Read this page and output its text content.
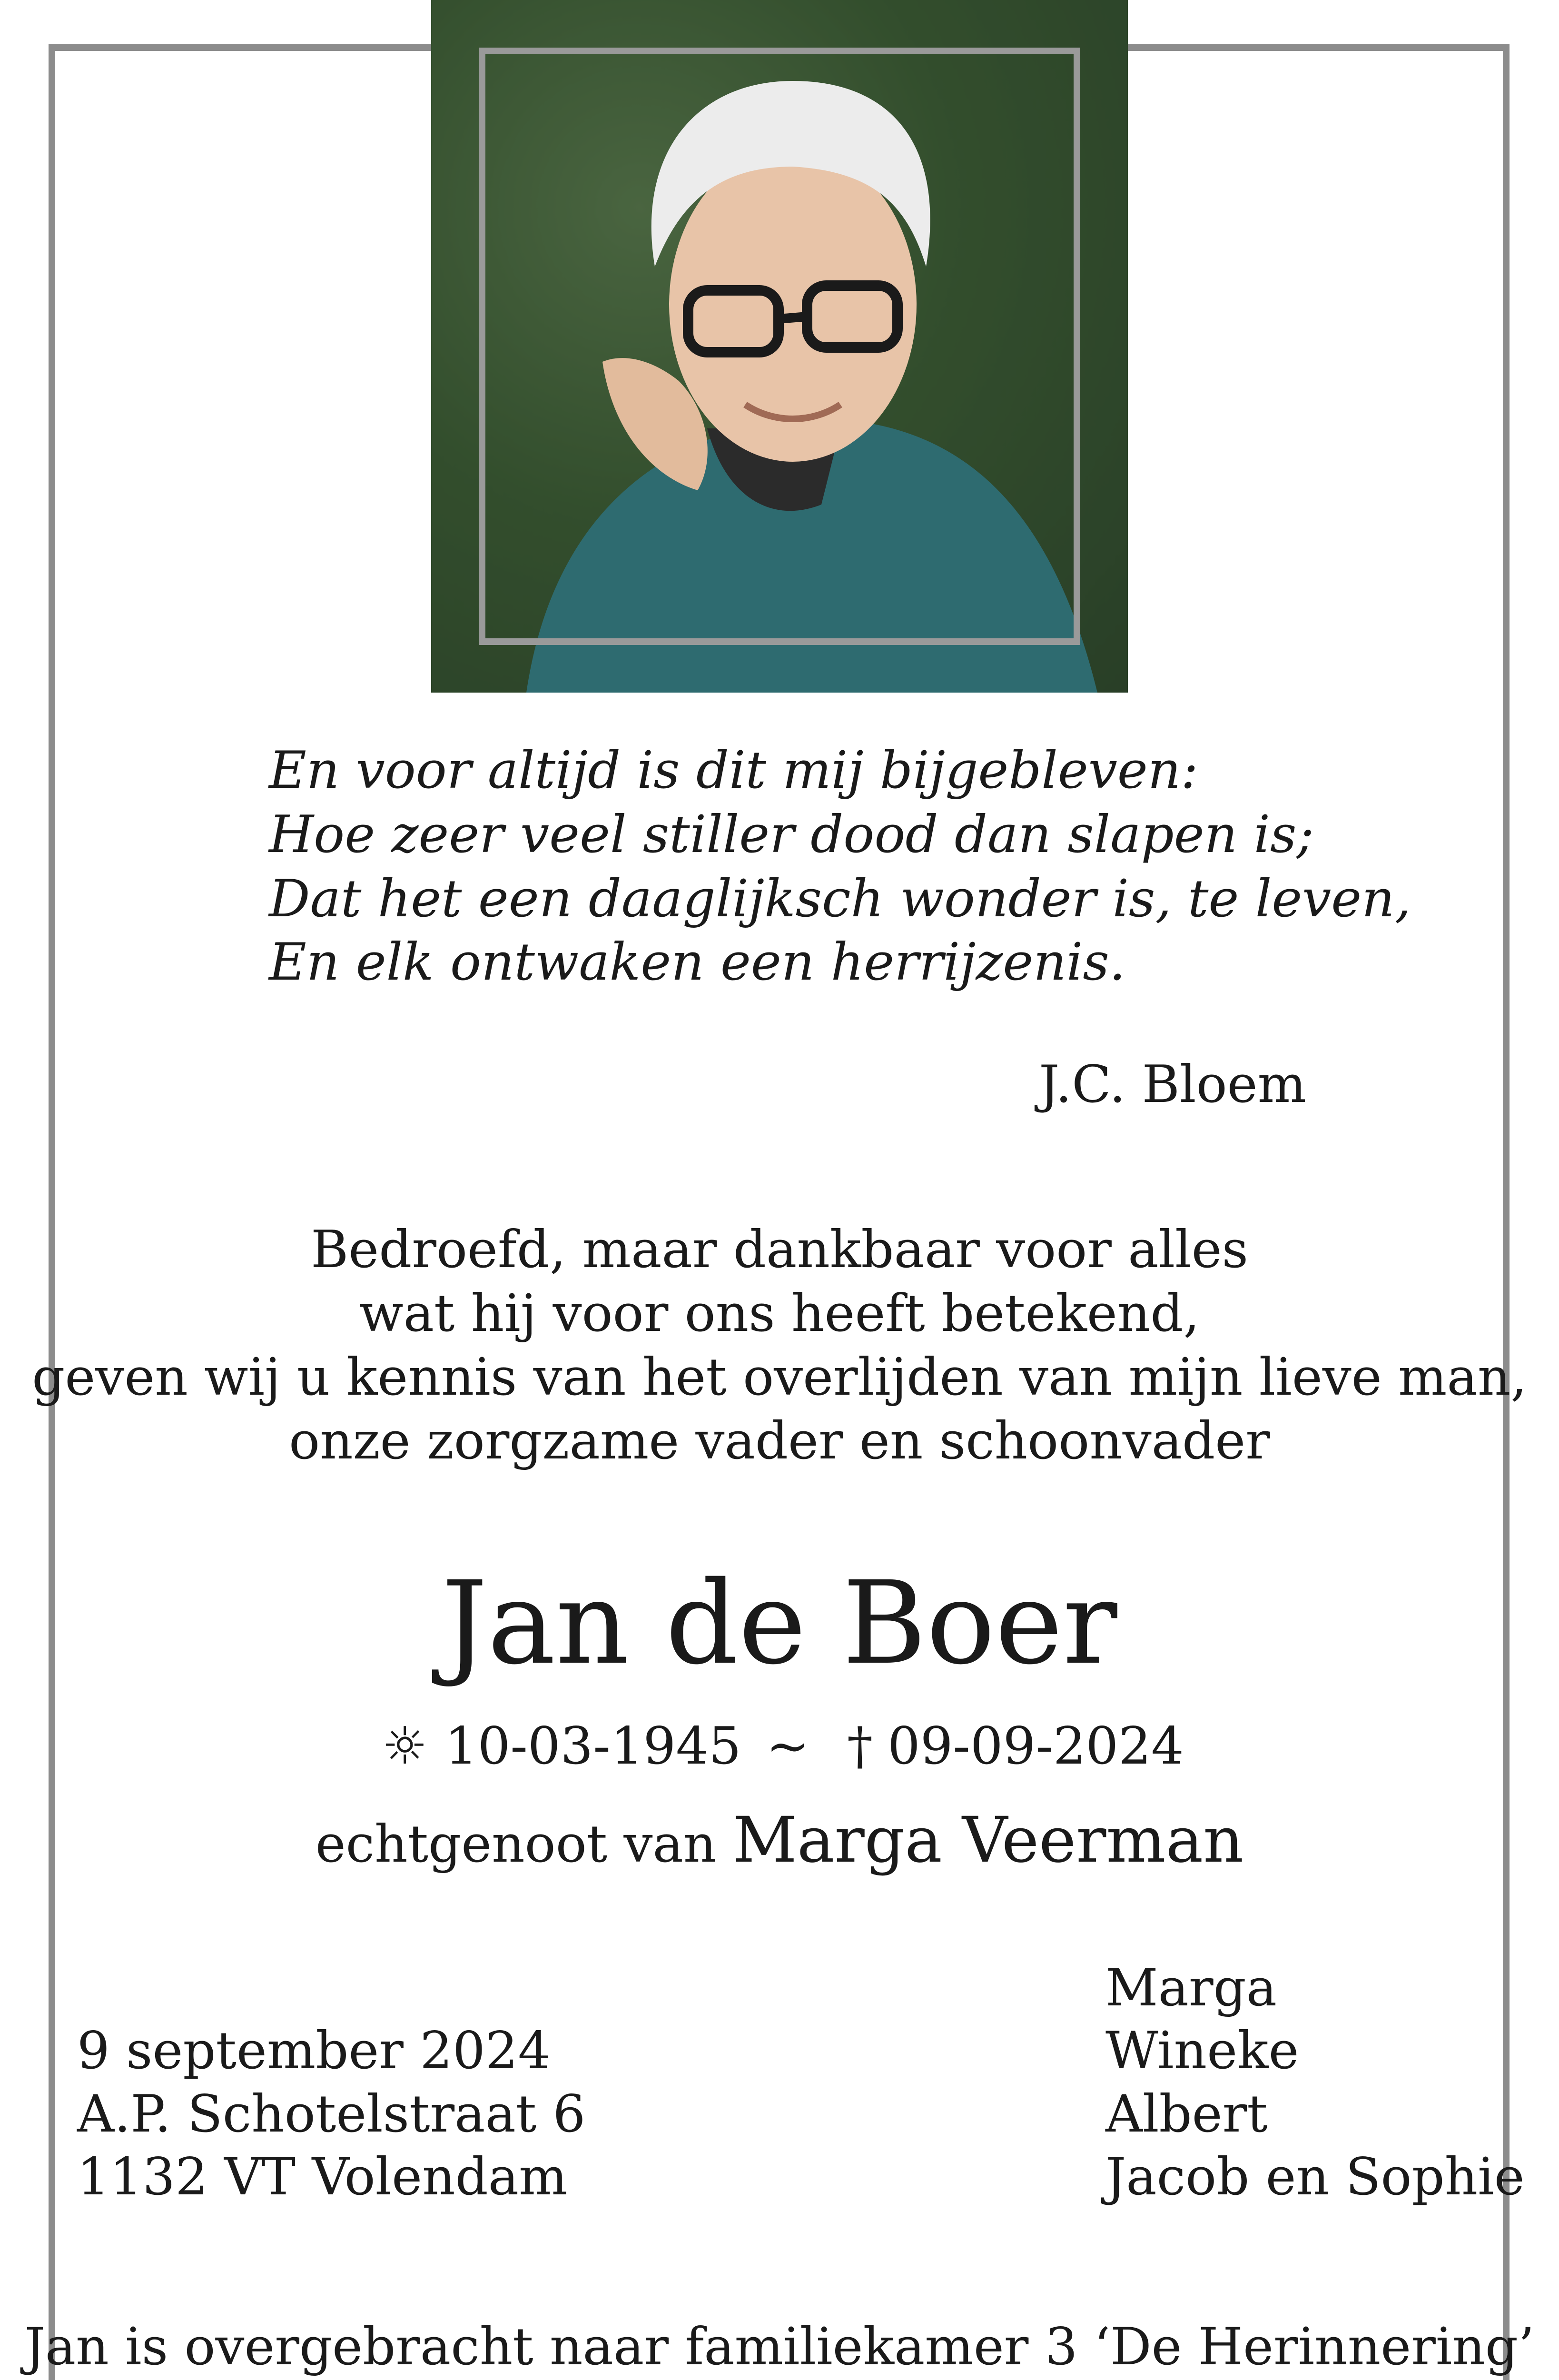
En voor altijd is dit mij bijgebleven:
Hoe zeer veel stiller dood dan slapen is;
Dat het een daaglijksch wonder is, te leven,
En elk ontwaken een herrijzenis.
J.C. Bloem
Bedroefd, maar dankbaar voor alles
wat hij voor ons heeft betekend,
geven wij u kennis van het overlijden van mijn lieve man,
onze zorgzame vader en schoonvader
Jan de Boer
☼ 10-03-1945 ~ † 09-09-2024
echtgenoot van Marga Veerman
9 september 2024
A.P. Schotelstraat 6
1132 VT Volendam
Marga
Wineke
Albert
Jacob en Sophie
Jan is overgebracht naar familiekamer 3 ‘De Herinnering’
